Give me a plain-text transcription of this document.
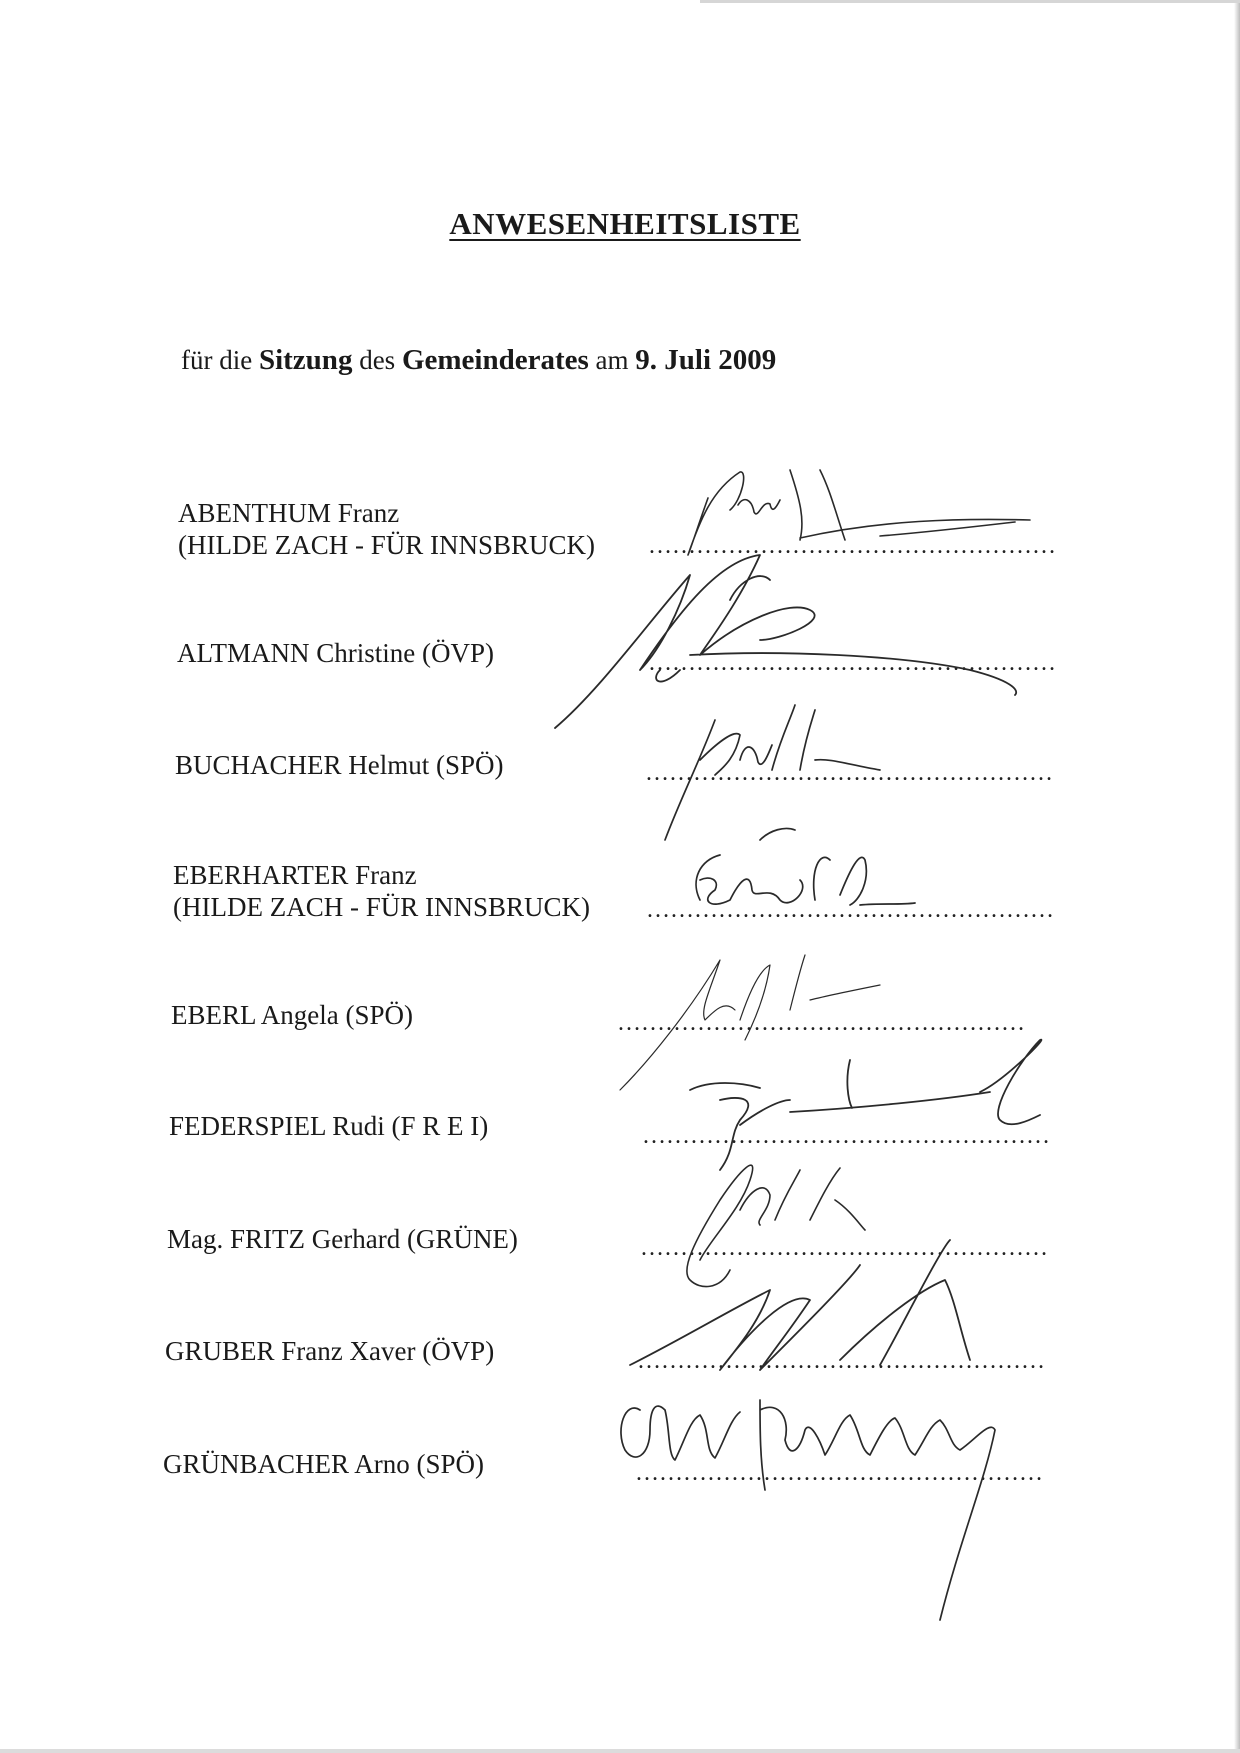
ANWESENHEITSLISTE
für die Sitzung des Gemeinderates am 9. Juli 2009
ABENTHUM Franz
(HILDE ZACH - FÜR INNSBRUCK) ……………………………………………
ALTMANN Christine (ÖVP)	……………………………………………
BUCHACHER Helmut (SPÖ)	……………………………………………
EBERHARTER Franz
(HILDE ZACH - FÜR INNSBRUCK) ……………………………………………
EBERL Angela (SPÖ)	……………………………………………
FEDERSPIEL Rudi (F R E I)	……………………………………………
Mag. FRITZ Gerhard (GRÜNE)	……………………………………………
GRUBER Franz Xaver (ÖVP)	……………………………………………
GRÜNBACHER Arno (SPÖ)	……………………………………………
